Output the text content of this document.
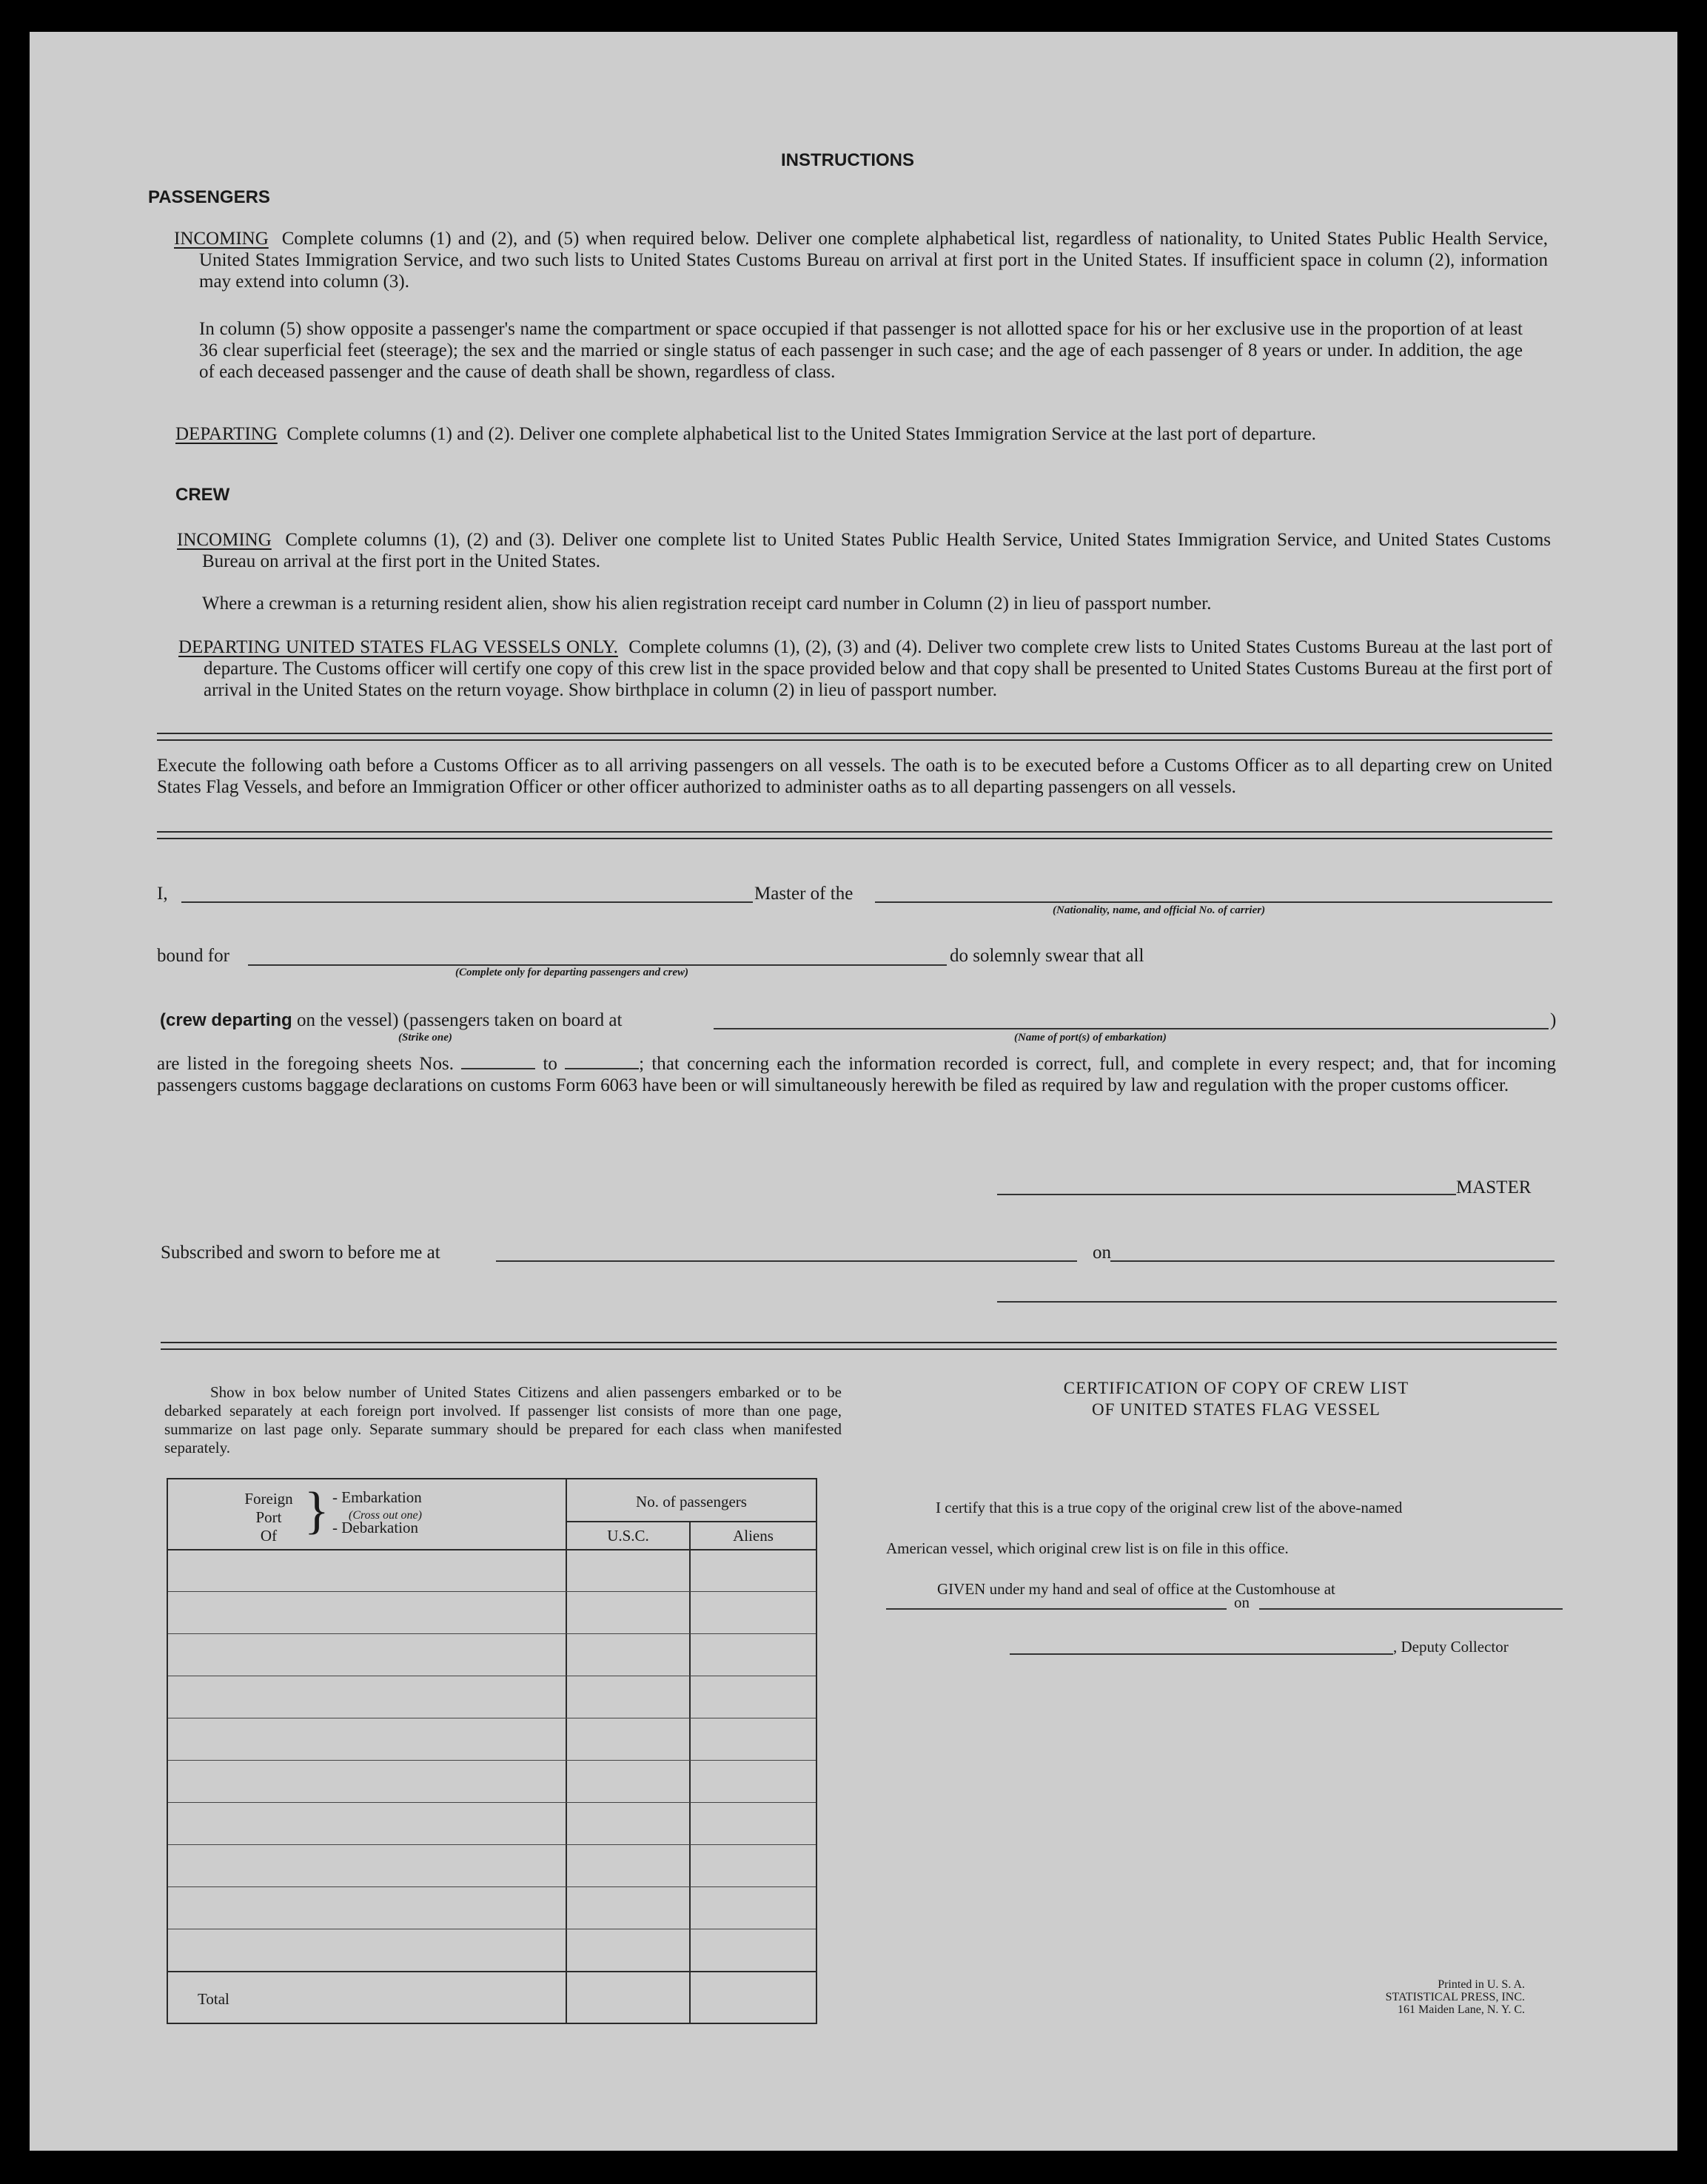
INSTRUCTIONS
PASSENGERS
INCOMING Complete columns (1) and (2), and (5) when required below. Deliver one complete alphabetical list, regardless of nationality, to United States Public Health Service, United States Immigration Service, and two such lists to United States Customs Bureau on arrival at first port in the United States. If insufficient space in column (2), information may extend into column (3).
In column (5) show opposite a passenger's name the compartment or space occupied if that passenger is not allotted space for his or her exclusive use in the proportion of at least 36 clear superficial feet (steerage); the sex and the married or single status of each passenger in such case; and the age of each passenger of 8 years or under. In addition, the age of each deceased passenger and the cause of death shall be shown, regardless of class.
DEPARTING Complete columns (1) and (2). Deliver one complete alphabetical list to the United States Immigration Service at the last port of departure.
CREW
INCOMING Complete columns (1), (2) and (3). Deliver one complete list to United States Public Health Service, United States Immigration Service, and United States Customs Bureau on arrival at the first port in the United States.
Where a crewman is a returning resident alien, show his alien registration receipt card number in Column (2) in lieu of passport number.
DEPARTING UNITED STATES FLAG VESSELS ONLY. Complete columns (1), (2), (3) and (4). Deliver two complete crew lists to United States Customs Bureau at the last port of departure. The Customs officer will certify one copy of this crew list in the space provided below and that copy shall be presented to United States Customs Bureau at the first port of arrival in the United States on the return voyage. Show birthplace in column (2) in lieu of passport number.
Execute the following oath before a Customs Officer as to all arriving passengers on all vessels. The oath is to be executed before a Customs Officer as to all departing crew on United States Flag Vessels, and before an Immigration Officer or other officer authorized to administer oaths as to all departing passengers on all vessels.
I,	Master of the
(Nationality, name, and official No. of carrier)
bound for
(Complete only for departing passengers and crew)
do solemnly swear that all
(crew departing on the vessel) (passengers taken on board at
(Strike one)	(Name of port(s) of embarkation)
)
are listed in the foregoing sheets Nos.	to	; that concerning each the information recorded is correct, full, and complete in every respect; and, that for incoming passengers customs baggage declarations on customs Form 6063 have been or will simultaneously herewith be filed as required by law and regulation with the proper customs officer.
MASTER
Subscribed and sworn to before me at	on
Show in box below number of United States Citizens and alien passengers embarked or to be debarked separately at each foreign port involved. If passenger list consists of more than one page, summarize on last page only. Separate summary should be prepared for each class when manifested separately.
Foreign
Port
Of } - Embarkation
(Cross out one)
- Debarkation
No. of passengers
U.S.C.	Aliens
Total
CERTIFICATION OF COPY OF CREW LIST
OF UNITED STATES FLAG VESSEL
I certify that this is a true copy of the original crew list of the above-named
American vessel, which original crew list is on file in this office.
GIVEN under my hand and seal of office at the Customhouse at
on
, Deputy Collector
Printed in U. S. A.
STATISTICAL PRESS, INC.
161 Maiden Lane, N. Y. C.
